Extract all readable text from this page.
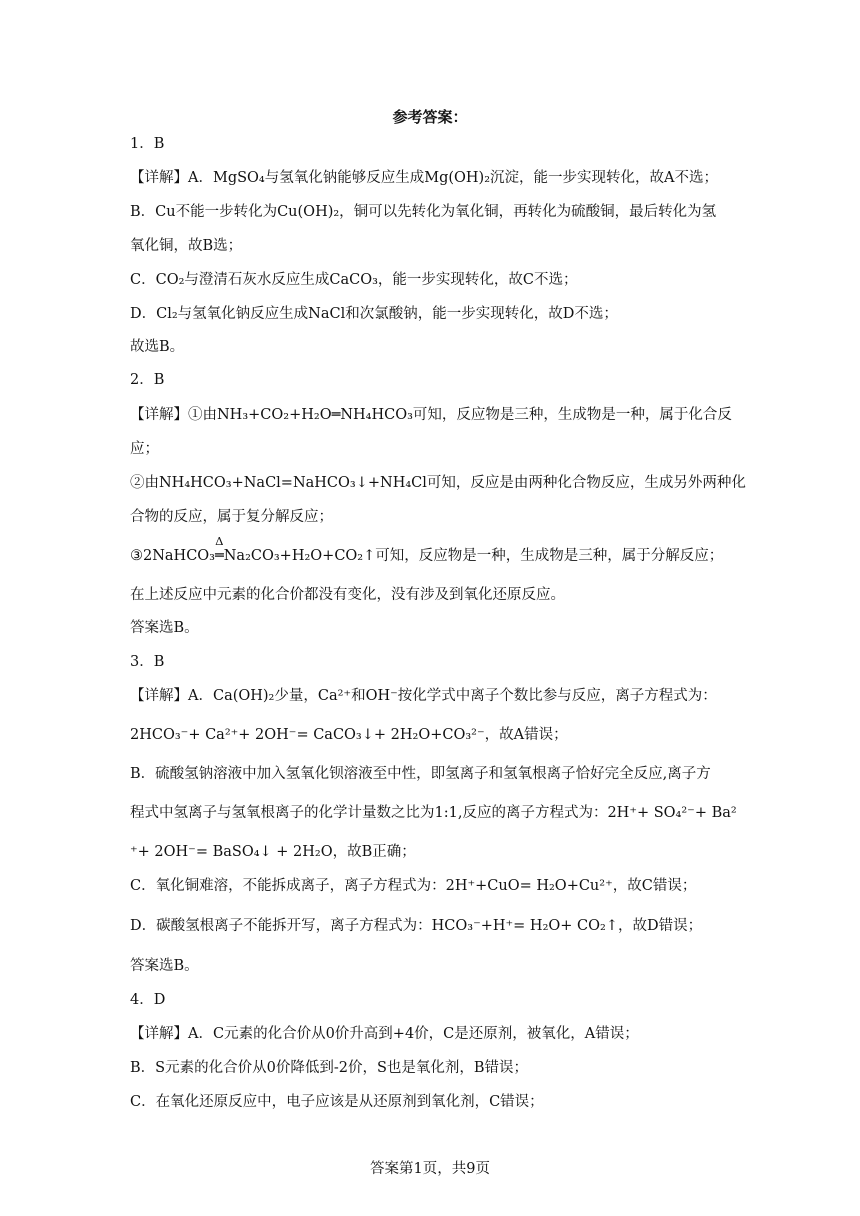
参考答案：
1．B
【详解】A．MgSO₄与氢氧化钠能够反应生成Mg(OH)₂沉淀，能一步实现转化，故A不选；
B．Cu不能一步转化为Cu(OH)₂，铜可以先转化为氧化铜，再转化为硫酸铜，最后转化为氢
氧化铜，故B选；
C．CO₂与澄清石灰水反应生成CaCO₃，能一步实现转化，故C不选；
D．Cl₂与氢氧化钠反应生成NaCl和次氯酸钠，能一步实现转化，故D不选；
故选B。
2．B
【详解】①由NH₃+CO₂+H₂O═NH₄HCO₃可知，反应物是三种，生成物是一种，属于化合反
应；
②由NH₄HCO₃+NaCl=NaHCO₃↓+NH₄Cl可知，反应是由两种化合物反应，生成另外两种化
合物的反应，属于复分解反应；
③2NaHCO₃
Δ
═Na₂CO₃+H₂O+CO₂↑可知，反应物是一种，生成物是三种，属于分解反应；
在上述反应中元素的化合价都没有变化，没有涉及到氧化还原反应。
答案选B。
3．B
【详解】A．Ca(OH)₂少量，Ca²⁺和OH⁻按化学式中离子个数比参与反应，离子方程式为：
2HCO₃⁻+ Ca²⁺+ 2OH⁻= CaCO₃↓+ 2H₂O+CO₃²⁻，故A错误；
B．硫酸氢钠溶液中加入氢氧化钡溶液至中性，即氢离子和氢氧根离子恰好完全反应,离子方
程式中氢离子与氢氧根离子的化学计量数之比为1:1,反应的离子方程式为：2H⁺+ SO₄²⁻+ Ba²
⁺+ 2OH⁻= BaSO₄↓ + 2H₂O，故B正确；
C．氧化铜难溶，不能拆成离子，离子方程式为：2H⁺+CuO= H₂O+Cu²⁺，故C错误；
D．碳酸氢根离子不能拆开写，离子方程式为：HCO₃⁻+H⁺= H₂O+ CO₂↑，故D错误；
答案选B。
4．D
【详解】A．C元素的化合价从0价升高到+4价，C是还原剂，被氧化，A错误；
B．S元素的化合价从0价降低到-2价，S也是氧化剂，B错误；
C．在氧化还原反应中，电子应该是从还原剂到氧化剂，C错误；
答案第1页，共9页
